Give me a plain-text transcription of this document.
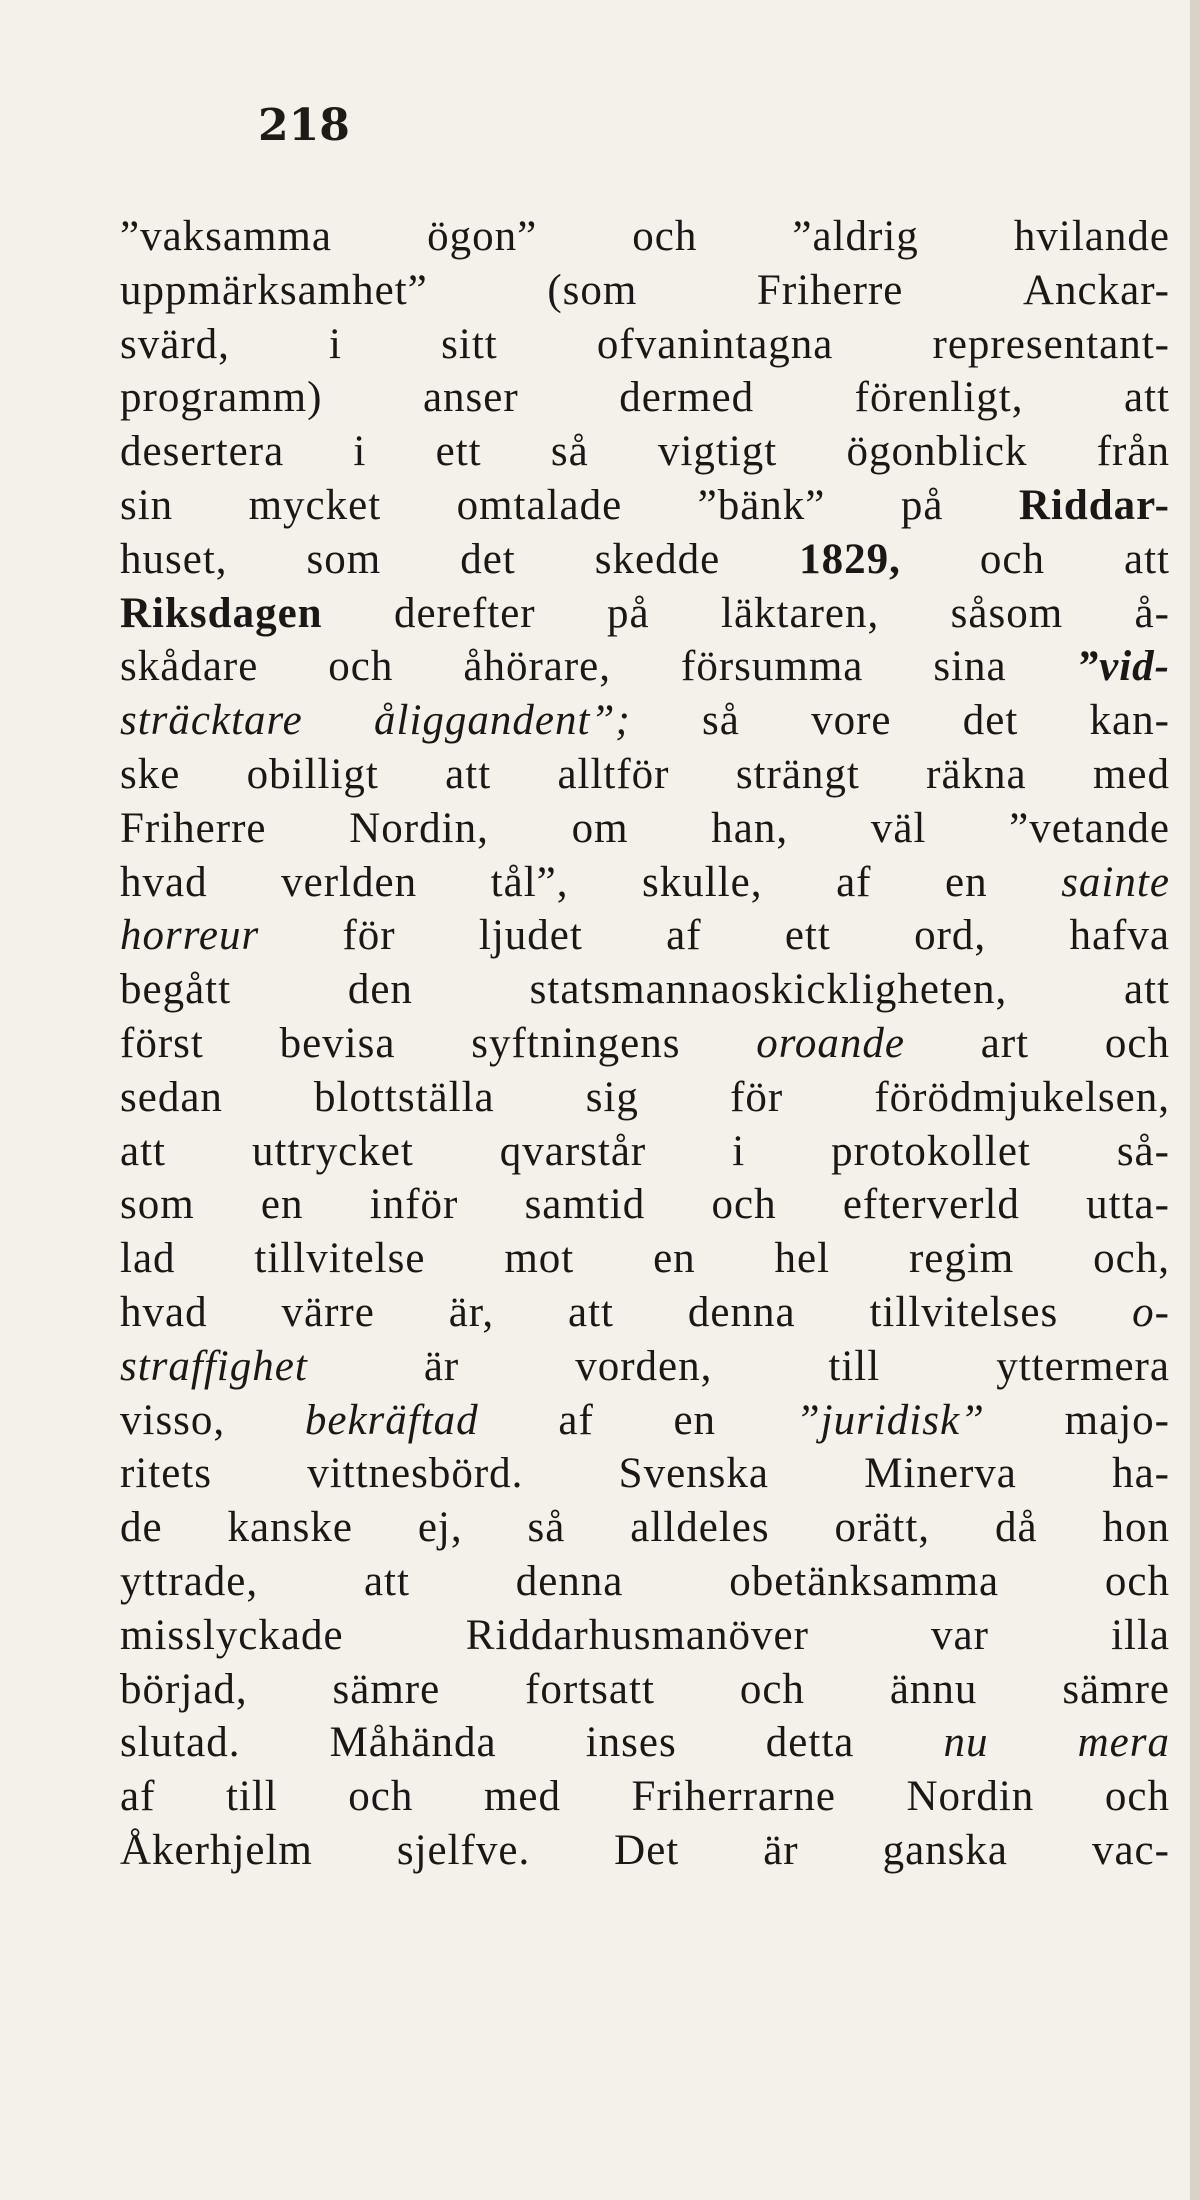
218
”vaksamma ögon” och ”aldrig hvilande
uppmärksamhet”	(som	Friherre	Anckar-
svärd, i sitt ofvanintagna representant-
programm) anser dermed förenligt, att
desertera i ett så vigtigt ögonblick från
sin mycket omtalade ”bänk” på Riddar-
huset, som det skedde 1829, och att
Riksdagen derefter på läktaren, såsom å-
skådare och åhörare, försumma sina ”vid-
sträcktare åliggandent”; så vore det kan-
ske obilligt att alltför strängt räkna med
Friherre Nordin, om han, väl ”vetande
hvad verlden tål”, skulle, af en sainte
horreur för ljudet af ett ord, hafva
begått	den	statsmannaoskickligheten,	att
först bevisa syftningens oroande art och
sedan blottställa sig för förödmjukelsen,
att uttrycket qvarstår i protokollet så-
som en inför samtid och efterverld utta-
lad tillvitelse mot en hel regim och,
hvad värre är, att denna tillvitelses o-
straffighet	är	vorden,	till	yttermera
visso, bekräftad af en ”juridisk” majo-
ritets vittnesbörd. Svenska Minerva ha-
de kanske ej, så alldeles orätt, då hon
yttrade, att denna obetänksamma och
misslyckade	Riddarhusmanöver	var	illa
börjad, sämre fortsatt och ännu sämre
slutad. Måhända inses detta nu mera
af till och med Friherrarne Nordin och
Åkerhjelm sjelfve. Det är ganska vac-
